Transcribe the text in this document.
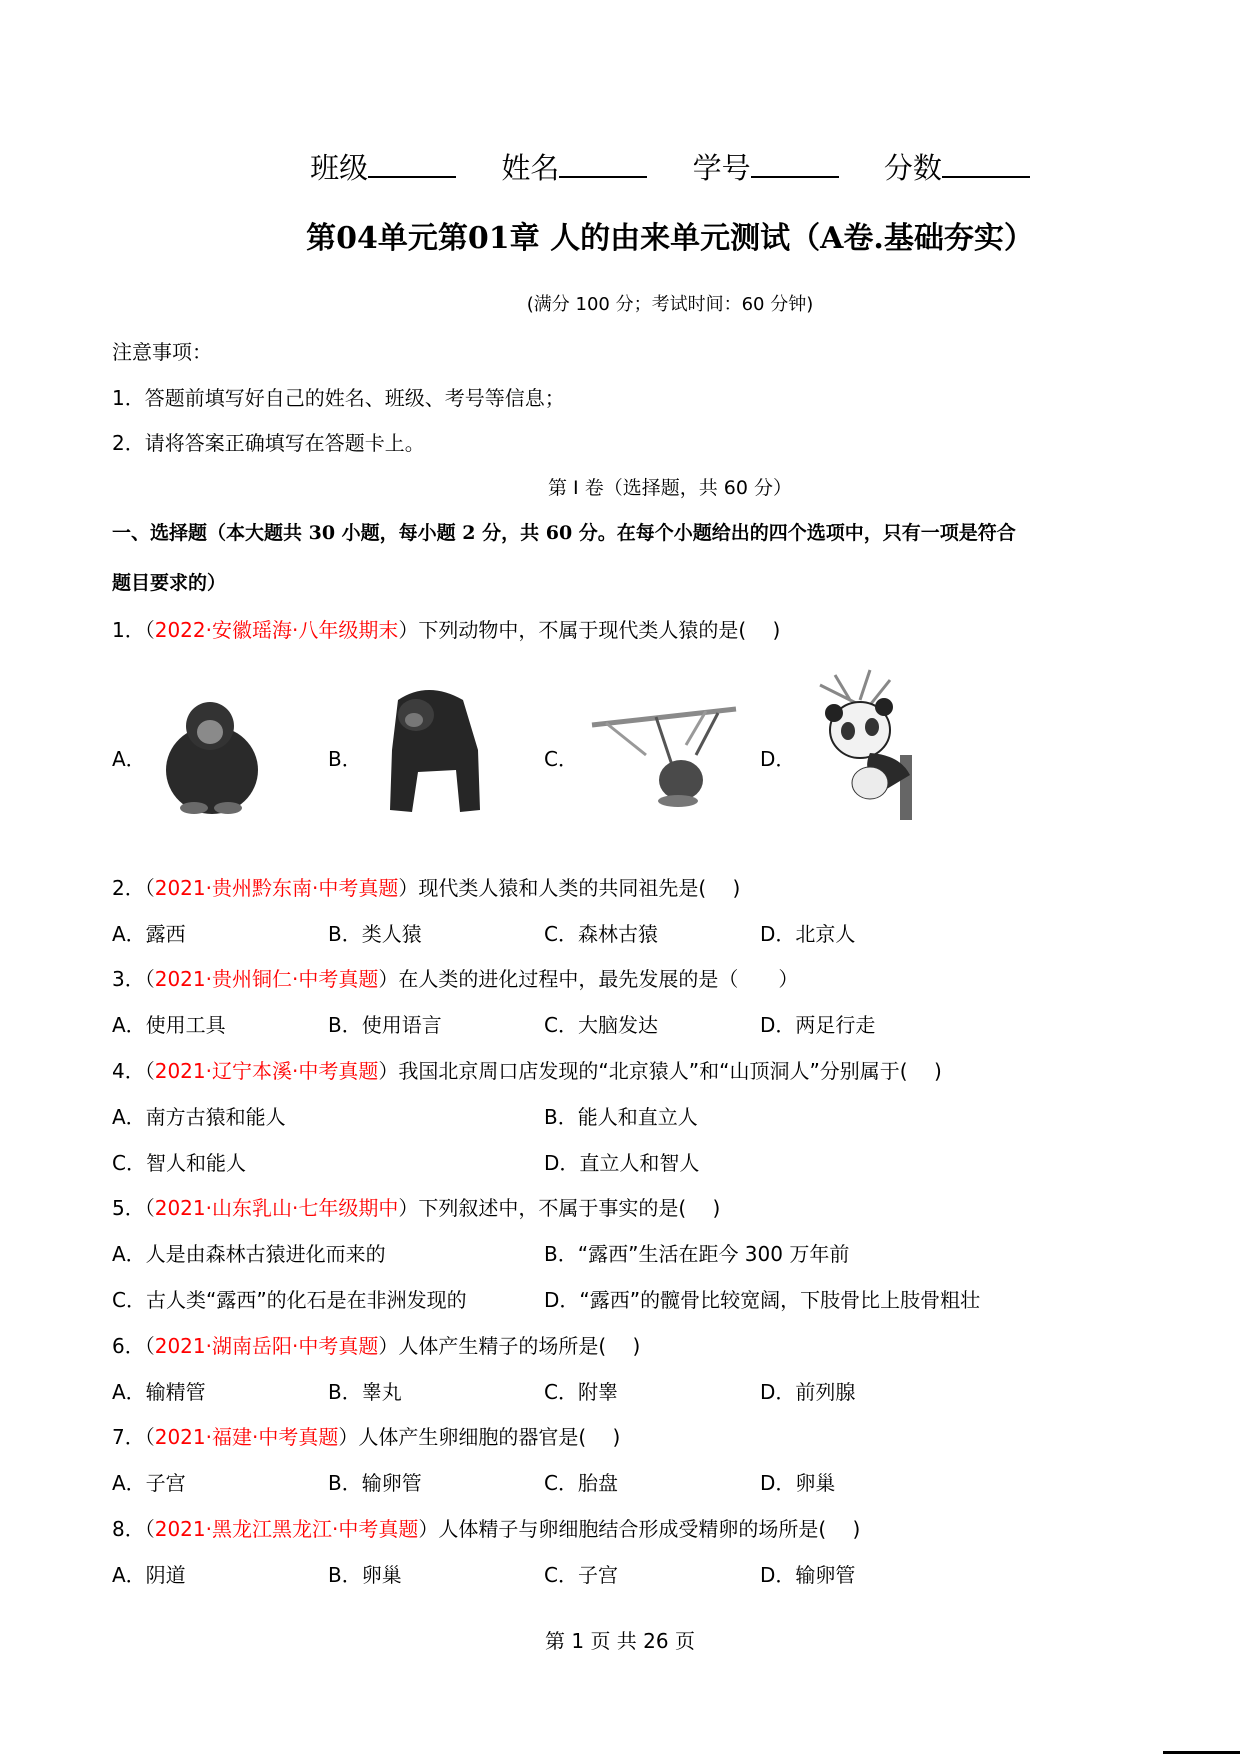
班级	姓名	学号	分数
第04单元第01章 人的由来单元测试（A卷.基础夯实）
(满分 100 分；考试时间：60 分钟)
注意事项：
1．答题前填写好自己的姓名、班级、考号等信息；
2．请将答案正确填写在答题卡上。
第 I 卷（选择题，共 60 分）
一、选择题（本大题共 30 小题，每小题 2 分，共 60 分。在每个小题给出的四个选项中，只有一项是符合
题目要求的）
1．（2022·安徽瑶海·八年级期末）下列动物中，不属于现代类人猿的是(　 )
A．	B．	C．	D．
2．（2021·贵州黔东南·中考真题）现代类人猿和人类的共同祖先是(　 )
A．露西	B．类人猿	C．森林古猿	D．北京人
3．（2021·贵州铜仁·中考真题）在人类的进化过程中，最先发展的是（　　）
A．使用工具	B．使用语言	C．大脑发达	D．两足行走
4．（2021·辽宁本溪·中考真题）我国北京周口店发现的“北京猿人”和“山顶洞人”分别属于(　 )
A．南方古猿和能人	B．能人和直立人
C．智人和能人	D．直立人和智人
5．（2021·山东乳山·七年级期中）下列叙述中，不属于事实的是(　 )
A．人是由森林古猿进化而来的	B．“露西”生活在距今 300 万年前
C．古人类“露西”的化石是在非洲发现的	D．“露西”的髋骨比较宽阔，下肢骨比上肢骨粗壮
6．（2021·湖南岳阳·中考真题）人体产生精子的场所是(　 )
A．输精管	B．睾丸	C．附睾	D．前列腺
7．（2021·福建·中考真题）人体产生卵细胞的器官是(　 )
A．子宫	B．输卵管	C．胎盘	D．卵巢
8．（2021·黑龙江黑龙江·中考真题）人体精子与卵细胞结合形成受精卵的场所是(　 )
A．阴道	B．卵巢	C．子宫	D．输卵管
第 1 页 共 26 页
